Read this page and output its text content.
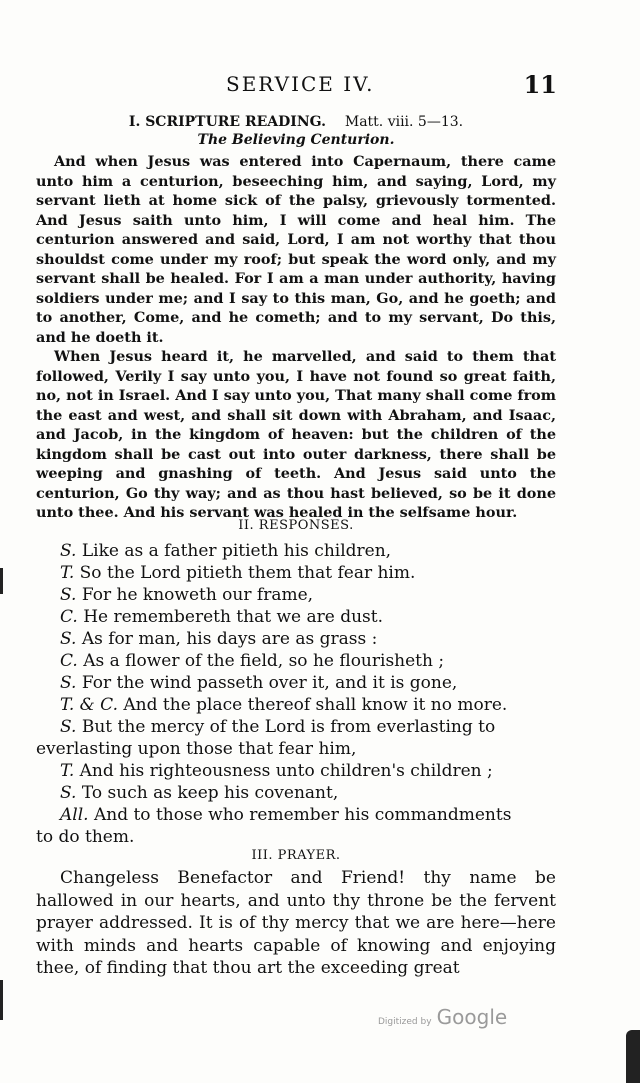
SERVICE IV.	11
I. SCRIPTURE READING. Matt. viii. 5—13.
The Believing Centurion.

And when Jesus was entered into Capernaum, there came unto him a centurion, beseeching him, and saying, Lord, my servant lieth at home sick of the palsy, grievously tormented. And Jesus saith unto him, I will come and heal him. The centurion answered and said, Lord, I am not worthy that thou shouldst come under my roof; but speak the word only, and my servant shall be healed. For I am a man under authority, having soldiers under me; and I say to this man, Go, and he goeth; and to another, Come, and he cometh; and to my servant, Do this, and he doeth it.

When Jesus heard it, he marvelled, and said to them that followed, Verily I say unto you, I have not found so great faith, no, not in Israel. And I say unto you, That many shall come from the east and west, and shall sit down with Abraham, and Isaac, and Jacob, in the kingdom of heaven: but the children of the kingdom shall be cast out into outer darkness, there shall be weeping and gnashing of teeth. And Jesus said unto the centurion, Go thy way; and as thou hast believed, so be it done unto thee. And his servant was healed in the selfsame hour.

II. RESPONSES.
S. Like as a father pitieth his children,
T. So the Lord pitieth them that fear him.
S. For he knoweth our frame,
C. He remembereth that we are dust.
S. As for man, his days are as grass :
C. As a flower of the field, so he flourisheth ;
S. For the wind passeth over it, and it is gone,
T. & C. And the place thereof shall know it no more.
S. But the mercy of the Lord is from everlasting to
everlasting upon those that fear him,
T. And his righteousness unto children's children ;
S. To such as keep his covenant,
All. And to those who remember his commandments
to do them.
III. PRAYER.

Changeless Benefactor and Friend! thy name be hallowed in our hearts, and unto thy throne be the fervent prayer addressed. It is of thy mercy that we are here—here with minds and hearts capable of knowing and enjoying thee, of finding that thou art the exceeding great

Digitized by Google
